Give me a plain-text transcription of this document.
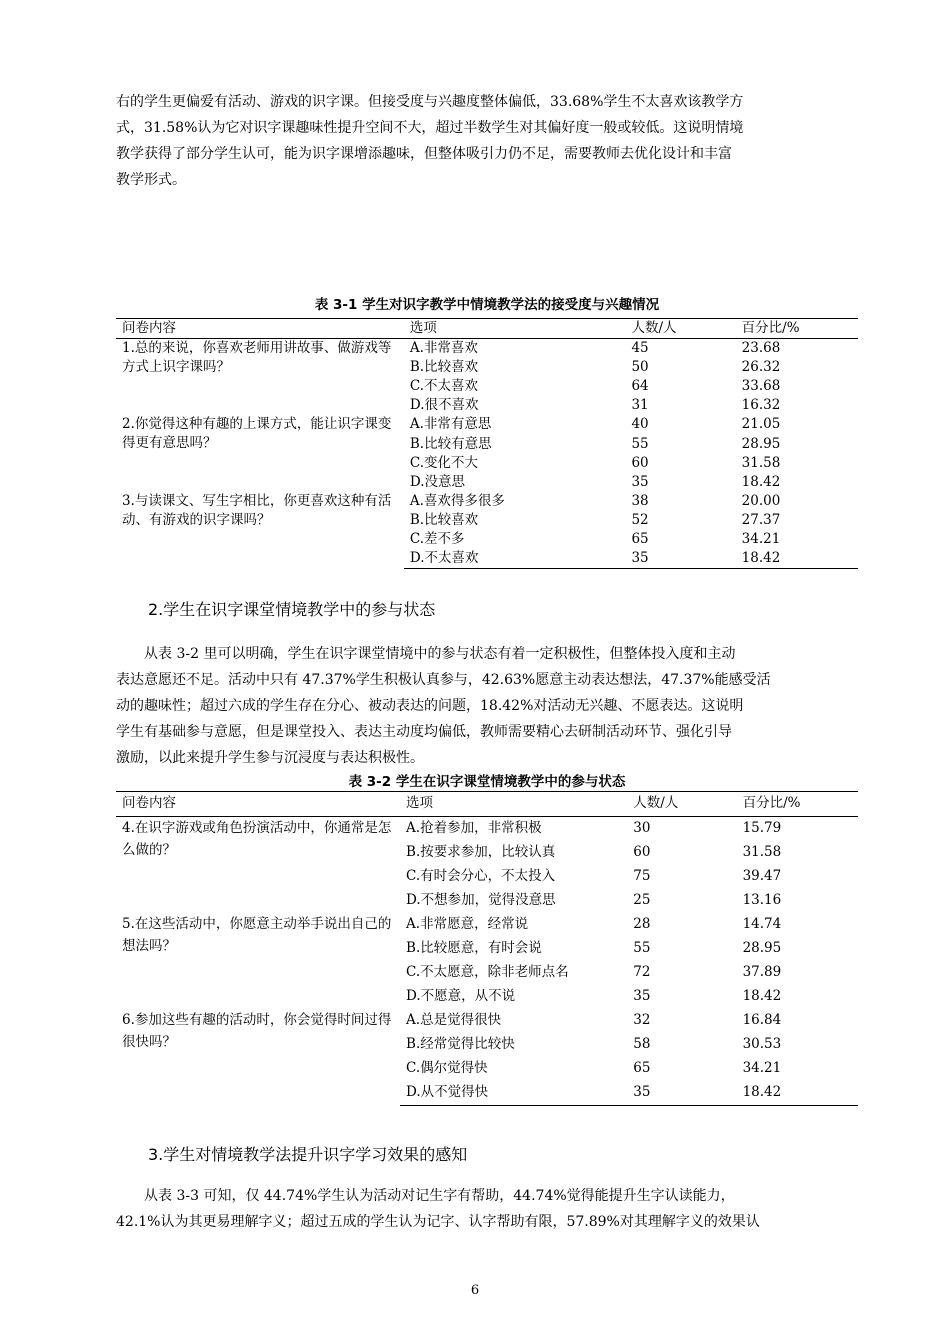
右的学生更偏爱有活动、游戏的识字课。但接受度与兴趣度整体偏低，33.68%学生不太喜欢该教学方

式，31.58%认为它对识字课趣味性提升空间不大，超过半数学生对其偏好度一般或较低。这说明情境

教学获得了部分学生认可，能为识字课增添趣味，但整体吸引力仍不足，需要教师去优化设计和丰富

教学形式。

表 3-1 学生对识字教学中情境教学法的接受度与兴趣情况
问卷内容	选项	人数/人	百分比/%
1.总的来说，你喜欢老师用讲故事、做游戏等方式上识字课吗？	A.非常喜欢	45	23.68
	B.比较喜欢	50	26.32
	C.不太喜欢	64	33.68
	D.很不喜欢	31	16.32
2.你觉得这种有趣的上课方式，能让识字课变得更有意思吗？	A.非常有意思	40	21.05
	B.比较有意思	55	28.95
	C.变化不大	60	31.58
	D.没意思	35	18.42
3.与读课文、写生字相比，你更喜欢这种有活动、有游戏的识字课吗？	A.喜欢得多很多	38	20.00
	B.比较喜欢	52	27.37
	C.差不多	65	34.21
	D.不太喜欢	35	18.42
2.学生在识字课堂情境教学中的参与状态

从表 3-2 里可以明确，学生在识字课堂情境中的参与状态有着一定积极性，但整体投入度和主动

表达意愿还不足。活动中只有 47.37%学生积极认真参与，42.63%愿意主动表达想法，47.37%能感受活

动的趣味性；超过六成的学生存在分心、被动表达的问题，18.42%对活动无兴趣、不愿表达。这说明

学生有基础参与意愿，但是课堂投入、表达主动度均偏低，教师需要精心去研制活动环节、强化引导

激励，以此来提升学生参与沉浸度与表达积极性。

表 3-2 学生在识字课堂情境教学中的参与状态
问卷内容	选项	人数/人	百分比/%
4.在识字游戏或角色扮演活动中，你通常是怎么做的？	A.抢着参加，非常积极	30	15.79
	B.按要求参加，比较认真	60	31.58
	C.有时会分心，不太投入	75	39.47
	D.不想参加，觉得没意思	25	13.16
5.在这些活动中，你愿意主动举手说出自己的想法吗？	A.非常愿意，经常说	28	14.74
	B.比较愿意，有时会说	55	28.95
	C.不太愿意，除非老师点名	72	37.89
	D.不愿意，从不说	35	18.42
6.参加这些有趣的活动时，你会觉得时间过得很快吗？	A.总是觉得很快	32	16.84
	B.经常觉得比较快	58	30.53
	C.偶尔觉得快	65	34.21
	D.从不觉得快	35	18.42
3.学生对情境教学法提升识字学习效果的感知

从表 3-3 可知，仅 44.74%学生认为活动对记生字有帮助，44.74%觉得能提升生字认读能力，

42.1%认为其更易理解字义；超过五成的学生认为记字、认字帮助有限，57.89%对其理解字义的效果认

6
